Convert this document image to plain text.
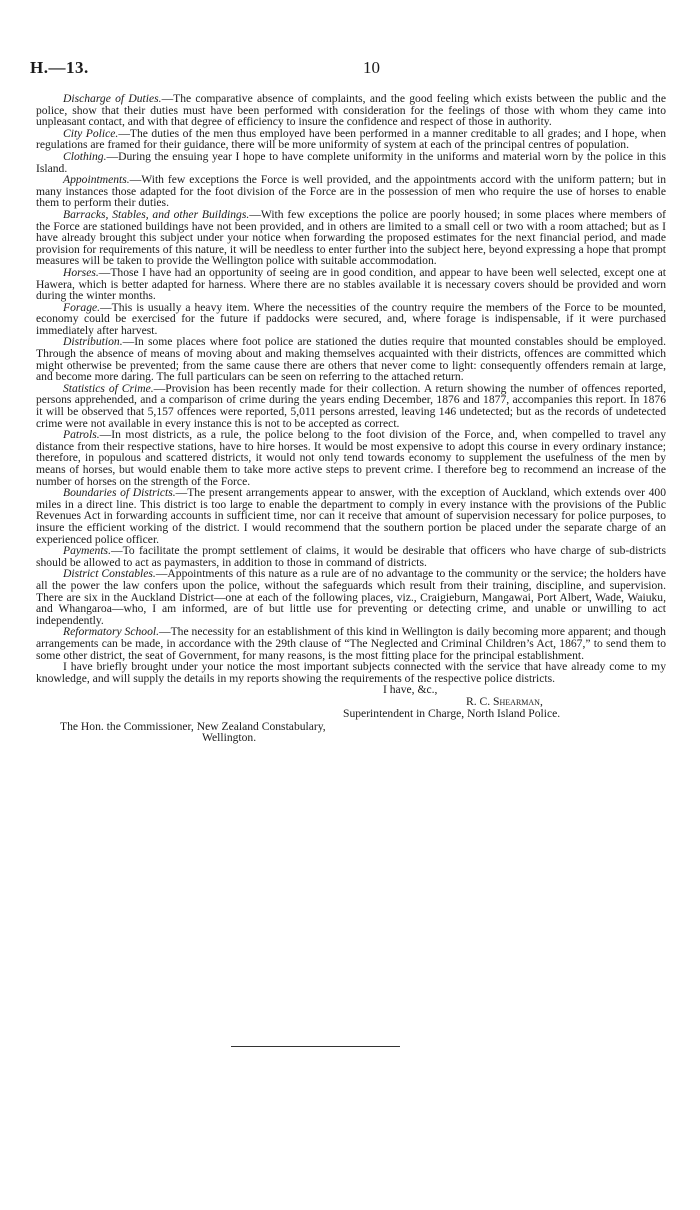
H.—13.	10

Discharge of Duties.—The comparative absence of complaints, and the good feeling which exists between the public and the police, show that their duties must have been performed with consideration for the feelings of those with whom they came into unpleasant contact, and with that degree of efficiency to insure the confidence and respect of those in authority.

City Police.—The duties of the men thus employed have been performed in a manner creditable to all grades; and I hope, when regulations are framed for their guidance, there will be more uniformity of system at each of the principal centres of population.

Clothing.—During the ensuing year I hope to have complete uniformity in the uniforms and material worn by the police in this Island.

Appointments.—With few exceptions the Force is well provided, and the appointments accord with the uniform pattern; but in many instances those adapted for the foot division of the Force are in the possession of men who require the use of horses to enable them to perform their duties.

Barracks, Stables, and other Buildings.—With few exceptions the police are poorly housed; in some places where members of the Force are stationed buildings have not been provided, and in others are limited to a small cell or two with a room attached; but as I have already brought this subject under your notice when forwarding the proposed estimates for the next financial period, and made provision for requirements of this nature, it will be needless to enter further into the subject here, beyond expressing a hope that prompt measures will be taken to provide the Wellington police with suitable accommodation.

Horses.—Those I have had an opportunity of seeing are in good condition, and appear to have been well selected, except one at Hawera, which is better adapted for harness. Where there are no stables available it is necessary covers should be provided and worn during the winter months.

Forage.—This is usually a heavy item. Where the necessities of the country require the members of the Force to be mounted, economy could be exercised for the future if paddocks were secured, and, where forage is indispensable, if it were purchased immediately after harvest.

Distribution.—In some places where foot police are stationed the duties require that mounted constables should be employed. Through the absence of means of moving about and making themselves acquainted with their districts, offences are committed which might otherwise be prevented; from the same cause there are others that never come to light: consequently offenders remain at large, and become more daring. The full particulars can be seen on referring to the attached return.

Statistics of Crime.—Provision has been recently made for their collection. A return showing the number of offences reported, persons apprehended, and a comparison of crime during the years ending December, 1876 and 1877, accompanies this report. In 1876 it will be observed that 5,157 offences were reported, 5,011 persons arrested, leaving 146 undetected; but as the records of undetected crime were not available in every instance this is not to be accepted as correct.

Patrols.—In most districts, as a rule, the police belong to the foot division of the Force, and, when compelled to travel any distance from their respective stations, have to hire horses. It would be most expensive to adopt this course in every ordinary instance; therefore, in populous and scattered districts, it would not only tend towards economy to supplement the usefulness of the men by means of horses, but would enable them to take more active steps to prevent crime. I therefore beg to recommend an increase of the number of horses on the strength of the Force.

Boundaries of Districts.—The present arrangements appear to answer, with the exception of Auckland, which extends over 400 miles in a direct line. This district is too large to enable the department to comply in every instance with the provisions of the Public Revenues Act in forwarding accounts in sufficient time, nor can it receive that amount of supervision necessary for police purposes, to insure the efficient working of the district. I would recommend that the southern portion be placed under the separate charge of an experienced police officer.

Payments.—To facilitate the prompt settlement of claims, it would be desirable that officers who have charge of sub-districts should be allowed to act as paymasters, in addition to those in command of districts.

District Constables.—Appointments of this nature as a rule are of no advantage to the community or the service; the holders have all the power the law confers upon the police, without the safeguards which result from their training, discipline, and supervision. There are six in the Auckland District—one at each of the following places, viz., Craigieburn, Mangawai, Port Albert, Wade, Waiuku, and Whangaroa—who, I am informed, are of but little use for preventing or detecting crime, and unable or unwilling to act independently.

Reformatory School.—The necessity for an establishment of this kind in Wellington is daily becoming more apparent; and though arrangements can be made, in accordance with the 29th clause of “The Neglected and Criminal Children’s Act, 1867,” to send them to some other district, the seat of Government, for many reasons, is the most fitting place for the principal establishment.

I have briefly brought under your notice the most important subjects connected with the service that have already come to my knowledge, and will supply the details in my reports showing the requirements of the respective police districts.

I have, &c.,
R. C. Shearman,
Superintendent in Charge, North Island Police.
The Hon. the Commissioner, New Zealand Constabulary,
Wellington.
